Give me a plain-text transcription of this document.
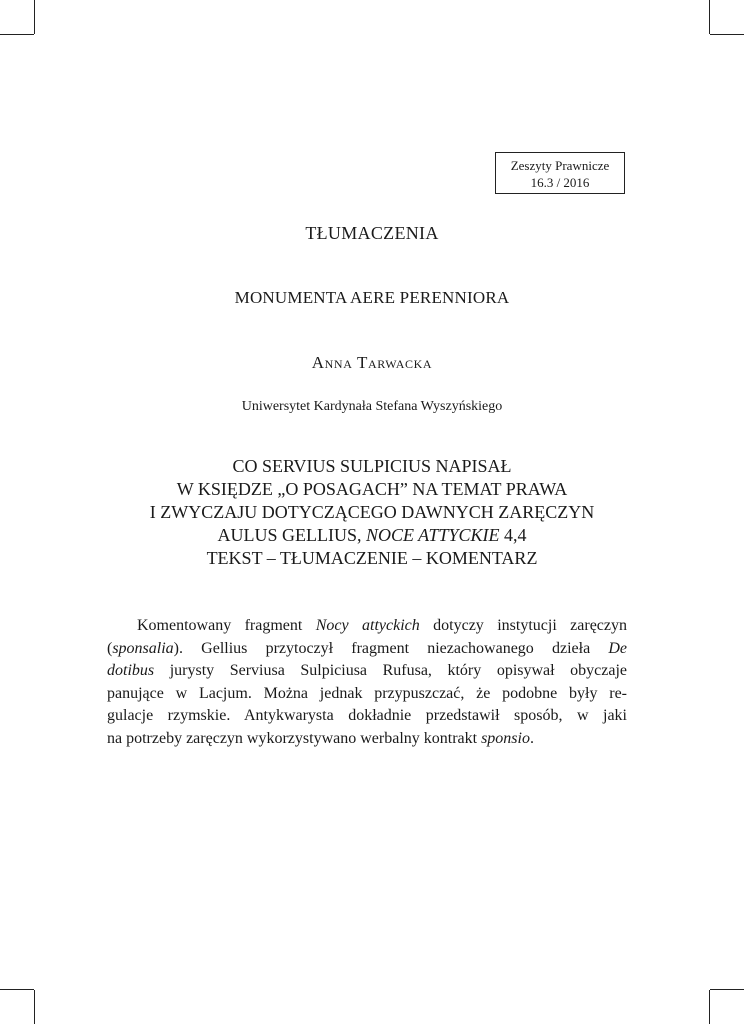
Zeszyty Prawnicze
16.3 / 2016
TŁUMACZENIA
MONUMENTA AERE PERENNIORA
Anna Tarwacka
Uniwersytet Kardynała Stefana Wyszyńskiego
CO SERVIUS SULPICIUS NAPISAŁ
W KSIĘDZE „O POSAGACH” NA TEMAT PRAWA
I ZWYCZAJU DOTYCZĄCEGO DAWNYCH ZARĘCZYN
AULUS GELLIUS, NOCE ATTYCKIE 4,4
TEKST – TŁUMACZENIE – KOMENTARZ
Komentowany fragment Nocy attyckich dotyczy instytucji zaręczyn
(sponsalia). Gellius przytoczył fragment niezachowanego dzieła De
dotibus jurysty Serviusa Sulpiciusa Rufusa, który opisywał obyczaje
panujące w Lacjum. Można jednak przypuszczać, że podobne były re-
gulacje rzymskie. Antykwarysta dokładnie przedstawił sposób, w jaki
na potrzeby zaręczyn wykorzystywano werbalny kontrakt sponsio.
